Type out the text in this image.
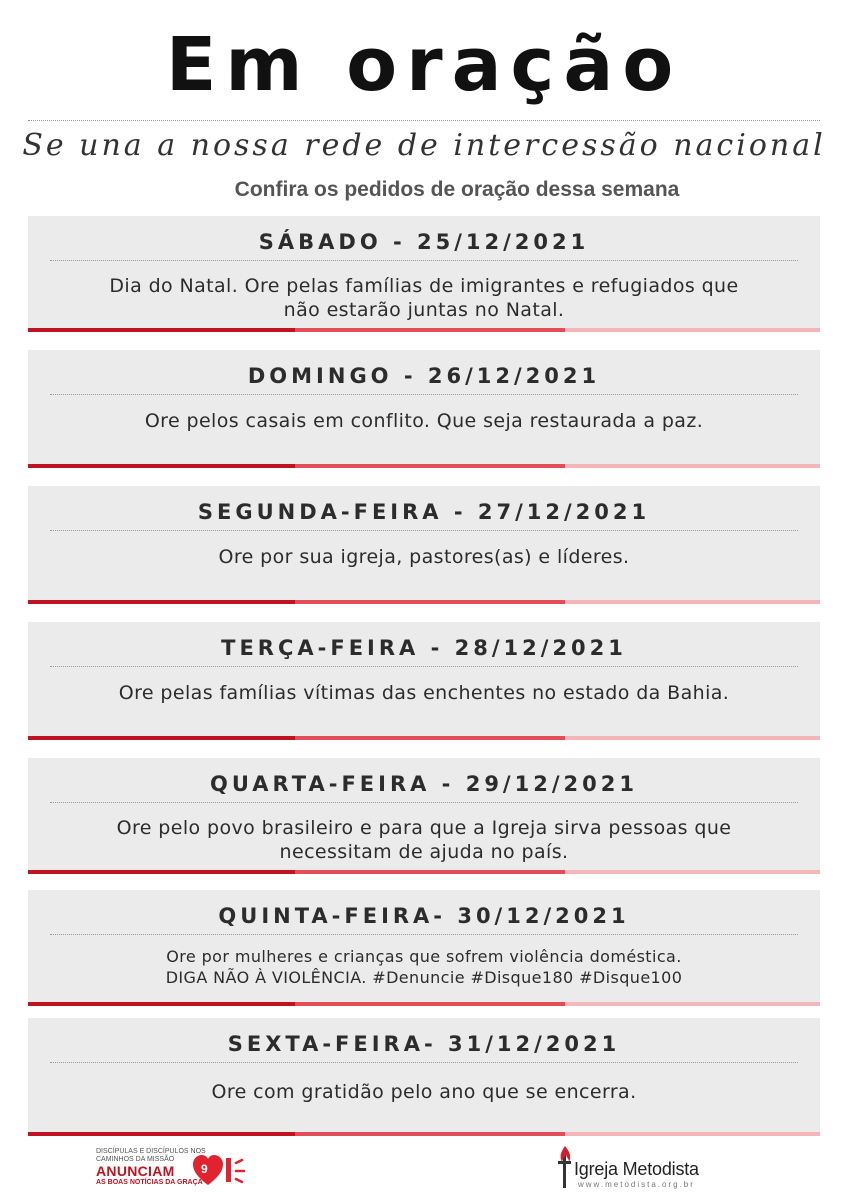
Em oração
Se una a nossa rede de intercessão nacional
Confira os pedidos de oração dessa semana
SÁBADO - 25/12/2021
Dia do Natal. Ore pelas famílias de imigrantes e refugiados que
não estarão juntas no Natal.
DOMINGO - 26/12/2021
Ore pelos casais em conflito. Que seja restaurada a paz.
SEGUNDA-FEIRA - 27/12/2021
Ore por sua igreja, pastores(as) e líderes.
TERÇA-FEIRA - 28/12/2021
Ore pelas famílias vítimas das enchentes no estado da Bahia.
QUARTA-FEIRA - 29/12/2021
Ore pelo povo brasileiro e para que a Igreja sirva pessoas que
necessitam de ajuda no país.
QUINTA-FEIRA- 30/12/2021
Ore por mulheres e crianças que sofrem violência doméstica.
DIGA NÃO À VIOLÊNCIA. #Denuncie #Disque180 #Disque100
SEXTA-FEIRA- 31/12/2021
Ore com gratidão pelo ano que se encerra.
DISCÍPULAS E DISCÍPULOS NOS
CAMINHOS DA MISSÃO
ANUNCIAM
AS BOAS NOTÍCIAS DA GRAÇA
9	Igreja Metodista
www.metodista.org.br
